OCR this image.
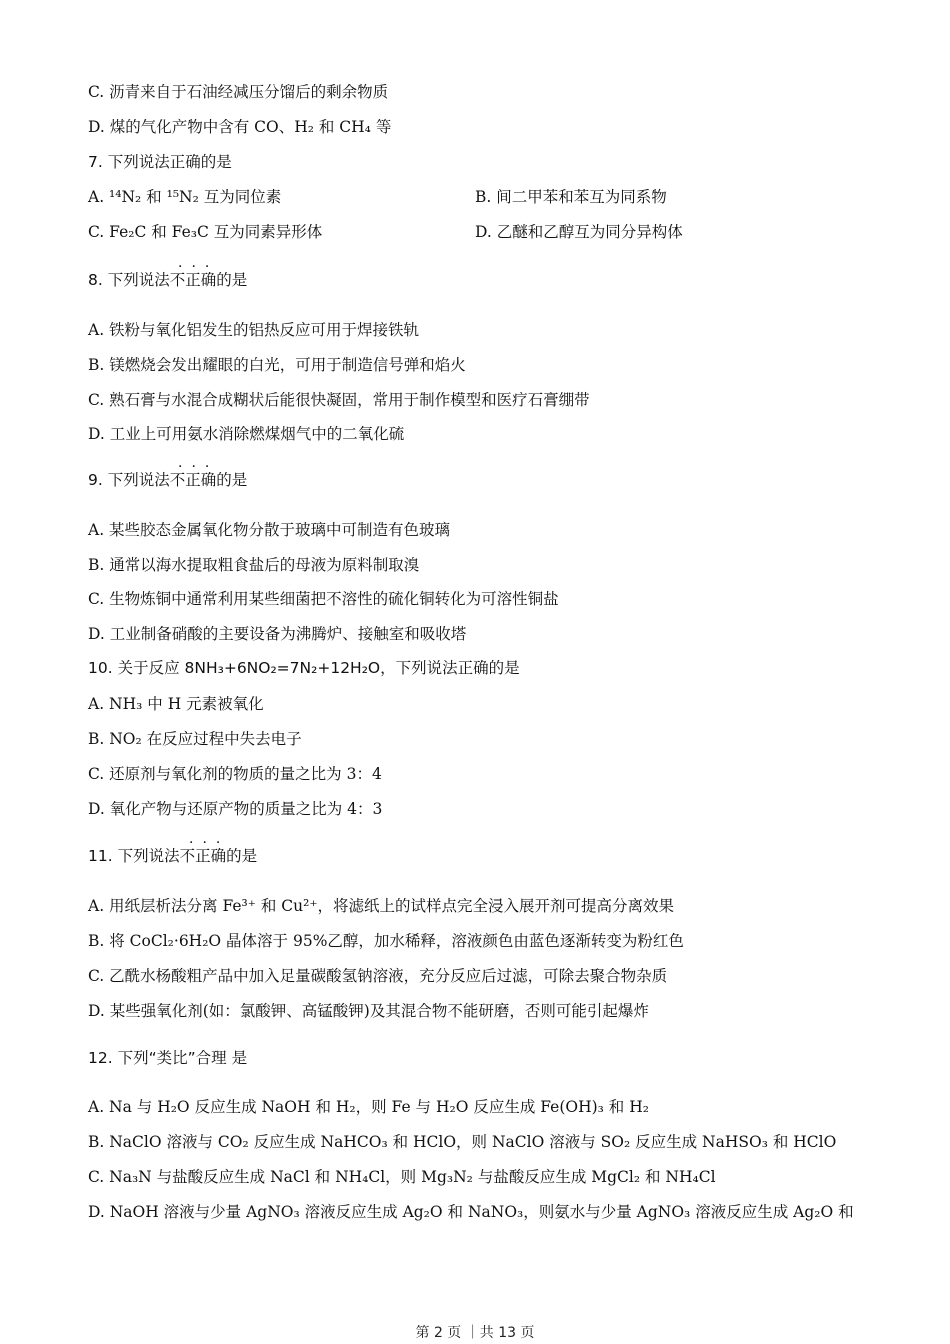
C. 沥青来自于石油经减压分馏后的剩余物质
D. 煤的气化产物中含有 CO、H₂ 和 CH₄ 等
7. 下列说法正确的是
A. ¹⁴N₂ 和 ¹⁵N₂ 互为同位素	B. 间二甲苯和苯互为同系物
C. Fe₂C 和 Fe₃C 互为同素异形体	D. 乙醚和乙醇互为同分异构体
8. 下列说法不正确的是
···
A. 铁粉与氧化铝发生的铝热反应可用于焊接铁轨
B. 镁燃烧会发出耀眼的白光，可用于制造信号弹和焰火
C. 熟石膏与水混合成糊状后能很快凝固，常用于制作模型和医疗石膏绷带
D. 工业上可用氨水消除燃煤烟气中的二氧化硫
9. 下列说法不正确的是
···
A. 某些胶态金属氧化物分散于玻璃中可制造有色玻璃
B. 通常以海水提取粗食盐后的母液为原料制取溴
C. 生物炼铜中通常利用某些细菌把不溶性的硫化铜转化为可溶性铜盐
D. 工业制备硝酸的主要设备为沸腾炉、接触室和吸收塔
10. 关于反应 8NH₃+6NO₂=7N₂+12H₂O，下列说法正确的是
A. NH₃ 中 H 元素被氧化
B. NO₂ 在反应过程中失去电子
C. 还原剂与氧化剂的物质的量之比为 3：4
D. 氧化产物与还原产物的质量之比为 4：3
11. 下列说法不正确的是
···
A. 用纸层析法分离 Fe³⁺ 和 Cu²⁺，将滤纸上的试样点完全浸入展开剂可提高分离效果
B. 将 CoCl₂·6H₂O 晶体溶于 95%乙醇，加水稀释，溶液颜色由蓝色逐渐转变为粉红色
C. 乙酰水杨酸粗产品中加入足量碳酸氢钠溶液，充分反应后过滤，可除去聚合物杂质
D. 某些强氧化剂(如：氯酸钾、高锰酸钾)及其混合物不能研磨，否则可能引起爆炸
12. 下列“类比”合理 是
A. Na 与 H₂O 反应生成 NaOH 和 H₂，则 Fe 与 H₂O 反应生成 Fe(OH)₃ 和 H₂
B. NaClO 溶液与 CO₂ 反应生成 NaHCO₃ 和 HClO，则 NaClO 溶液与 SO₂ 反应生成 NaHSO₃ 和 HClO
C. Na₃N 与盐酸反应生成 NaCl 和 NH₄Cl，则 Mg₃N₂ 与盐酸反应生成 MgCl₂ 和 NH₄Cl
D. NaOH 溶液与少量 AgNO₃ 溶液反应生成 Ag₂O 和 NaNO₃，则氨水与少量 AgNO₃ 溶液反应生成 Ag₂O 和
第 2 页 ｜共 13 页
